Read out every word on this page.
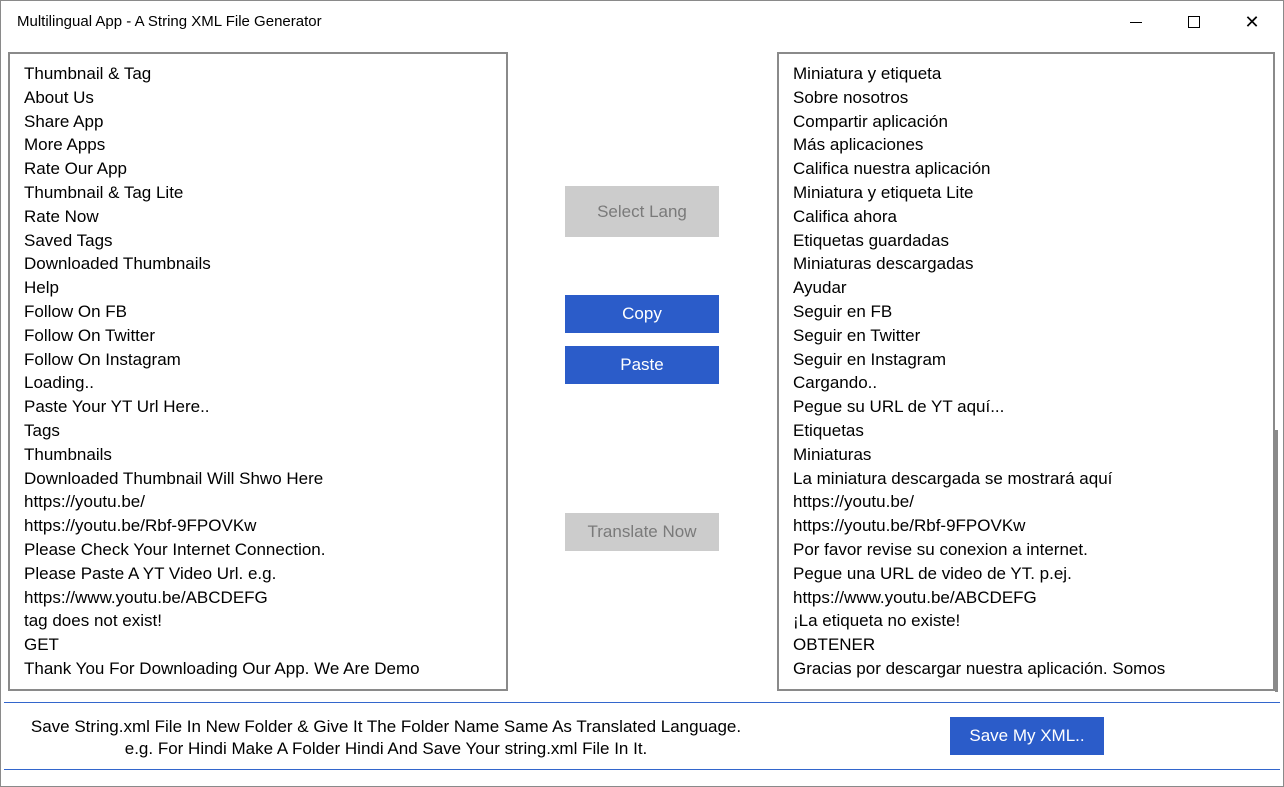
Multilingual App - A String XML File Generator	✕
Thumbnail & Tag
About Us
Share App
More Apps
Rate Our App
Thumbnail & Tag Lite
Rate Now
Saved Tags
Downloaded Thumbnails
Help
Follow On FB
Follow On Twitter
Follow On Instagram
Loading..
Paste Your YT Url Here..
Tags
Thumbnails
Downloaded Thumbnail Will Shwo Here
https://youtu.be/
https://youtu.be/Rbf-9FPOVKw
Please Check Your Internet Connection.
Please Paste A YT Video Url. e.g.
https://www.youtu.be/ABCDEFG
tag does not exist!
GET
Thank You For Downloading Our App. We Are Demo
Select Lang
Copy
Paste
Translate Now
Miniatura y etiqueta
Sobre nosotros
Compartir aplicación
Más aplicaciones
Califica nuestra aplicación
Miniatura y etiqueta Lite
Califica ahora
Etiquetas guardadas
Miniaturas descargadas
Ayudar
Seguir en FB
Seguir en Twitter
Seguir en Instagram
Cargando..
Pegue su URL de YT aquí...
Etiquetas
Miniaturas
La miniatura descargada se mostrará aquí
https://youtu.be/
https://youtu.be/Rbf-9FPOVKw
Por favor revise su conexion a internet.
Pegue una URL de video de YT. p.ej.
https://www.youtu.be/ABCDEFG
¡La etiqueta no existe!
OBTENER
Gracias por descargar nuestra aplicación. Somos
Save String.xml File In New Folder & Give It The Folder Name Same As Translated Language.
e.g. For Hindi Make A Folder Hindi And Save Your string.xml File In It.
Save My XML..
